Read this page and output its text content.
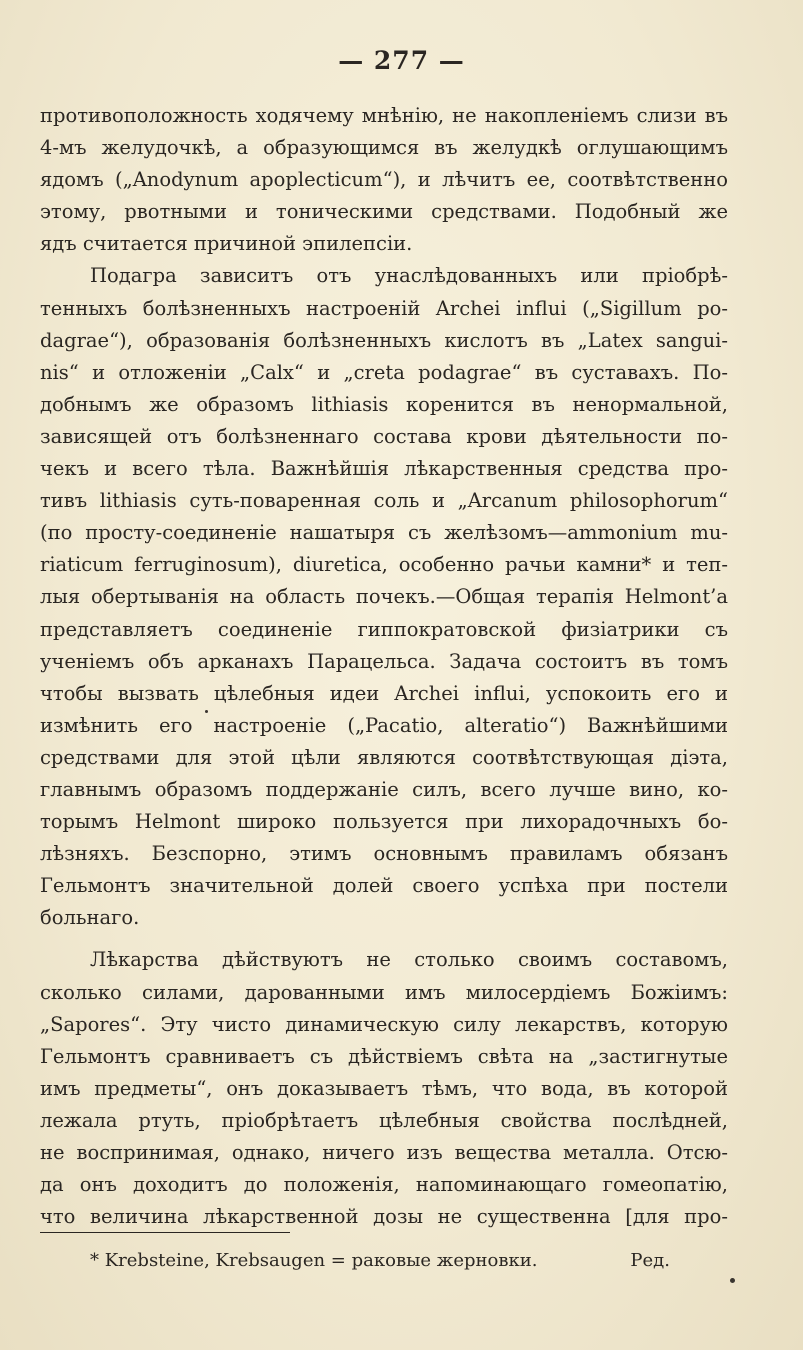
— 277 —
противоположность ходячему мнѣнію, не накопленіемъ слизи въ
4-мъ желудочкѣ, а образующимся въ желудкѣ оглушающимъ
ядомъ („Anodynum apoplecticum“), и лѣчитъ ее, соотвѣтственно
этому, рвотными и тоническими средствами. Подобный же
ядъ считается причиной эпилепсіи.
Подагра зависитъ отъ унаслѣдованныхъ или пріобрѣ-
тенныхъ болѣзненныхъ настроеній Archei influi („Sigillum po-
dagrae“), образованія болѣзненныхъ кислотъ въ „Latex sangui-
nis“ и отложеніи „Calx“ и „creta podagrae“ въ суставахъ. По-
добнымъ же образомъ lithiasis коренится въ ненормальной,
зависящей отъ болѣзненнаго состава крови дѣятельности по-
чекъ и всего тѣла. Важнѣйшія лѣкарственныя средства про-
тивъ lithiasis суть-поваренная соль и „Arcanum philosophorum“
(по просту-соединеніе нашатыря съ желѣзомъ—ammonium mu-
riaticum ferruginosum), diuretica, особенно рачьи камни* и теп-
лыя обертыванія на область почекъ.—Общая терапія Helmont’а
представляетъ соединеніе гиппократовской физіатрики съ
ученіемъ объ арканахъ Парацельса. Задача состоитъ въ томъ
чтобы вызвать цѣлебныя идеи Archei influi, успокоить его и
измѣнить его настроеніе („Pacatio, alteratio“) Важнѣйшими
средствами для этой цѣли являются соотвѣтствующая діэта,
главнымъ образомъ поддержаніе силъ, всего лучше вино, ко-
торымъ Helmont широко пользуется при лихорадочныхъ бо-
лѣзняхъ. Безспорно, этимъ основнымъ правиламъ обязанъ
Гельмонтъ значительной долей своего успѣха при постели
больнаго.
Лѣкарства дѣйствуютъ не столько своимъ составомъ,
сколько силами, дарованными имъ милосердіемъ Божіимъ:
„Sapores“. Эту чисто динамическую силу лекарствъ, которую
Гельмонтъ сравниваетъ съ дѣйствіемъ свѣта на „застигнутые
имъ предметы“, онъ доказываетъ тѣмъ, что вода, въ которой
лежала ртуть, пріобрѣтаетъ цѣлебныя свойства послѣдней,
не воспринимая, однако, ничего изъ вещества металла. Отсю-
да онъ доходитъ до положенія, напоминающаго гомеопатію,
что величина лѣкарственной дозы не существенна [для про-
* Krebsteine, Krebsaugen = раковые жерновки.	Ред.
